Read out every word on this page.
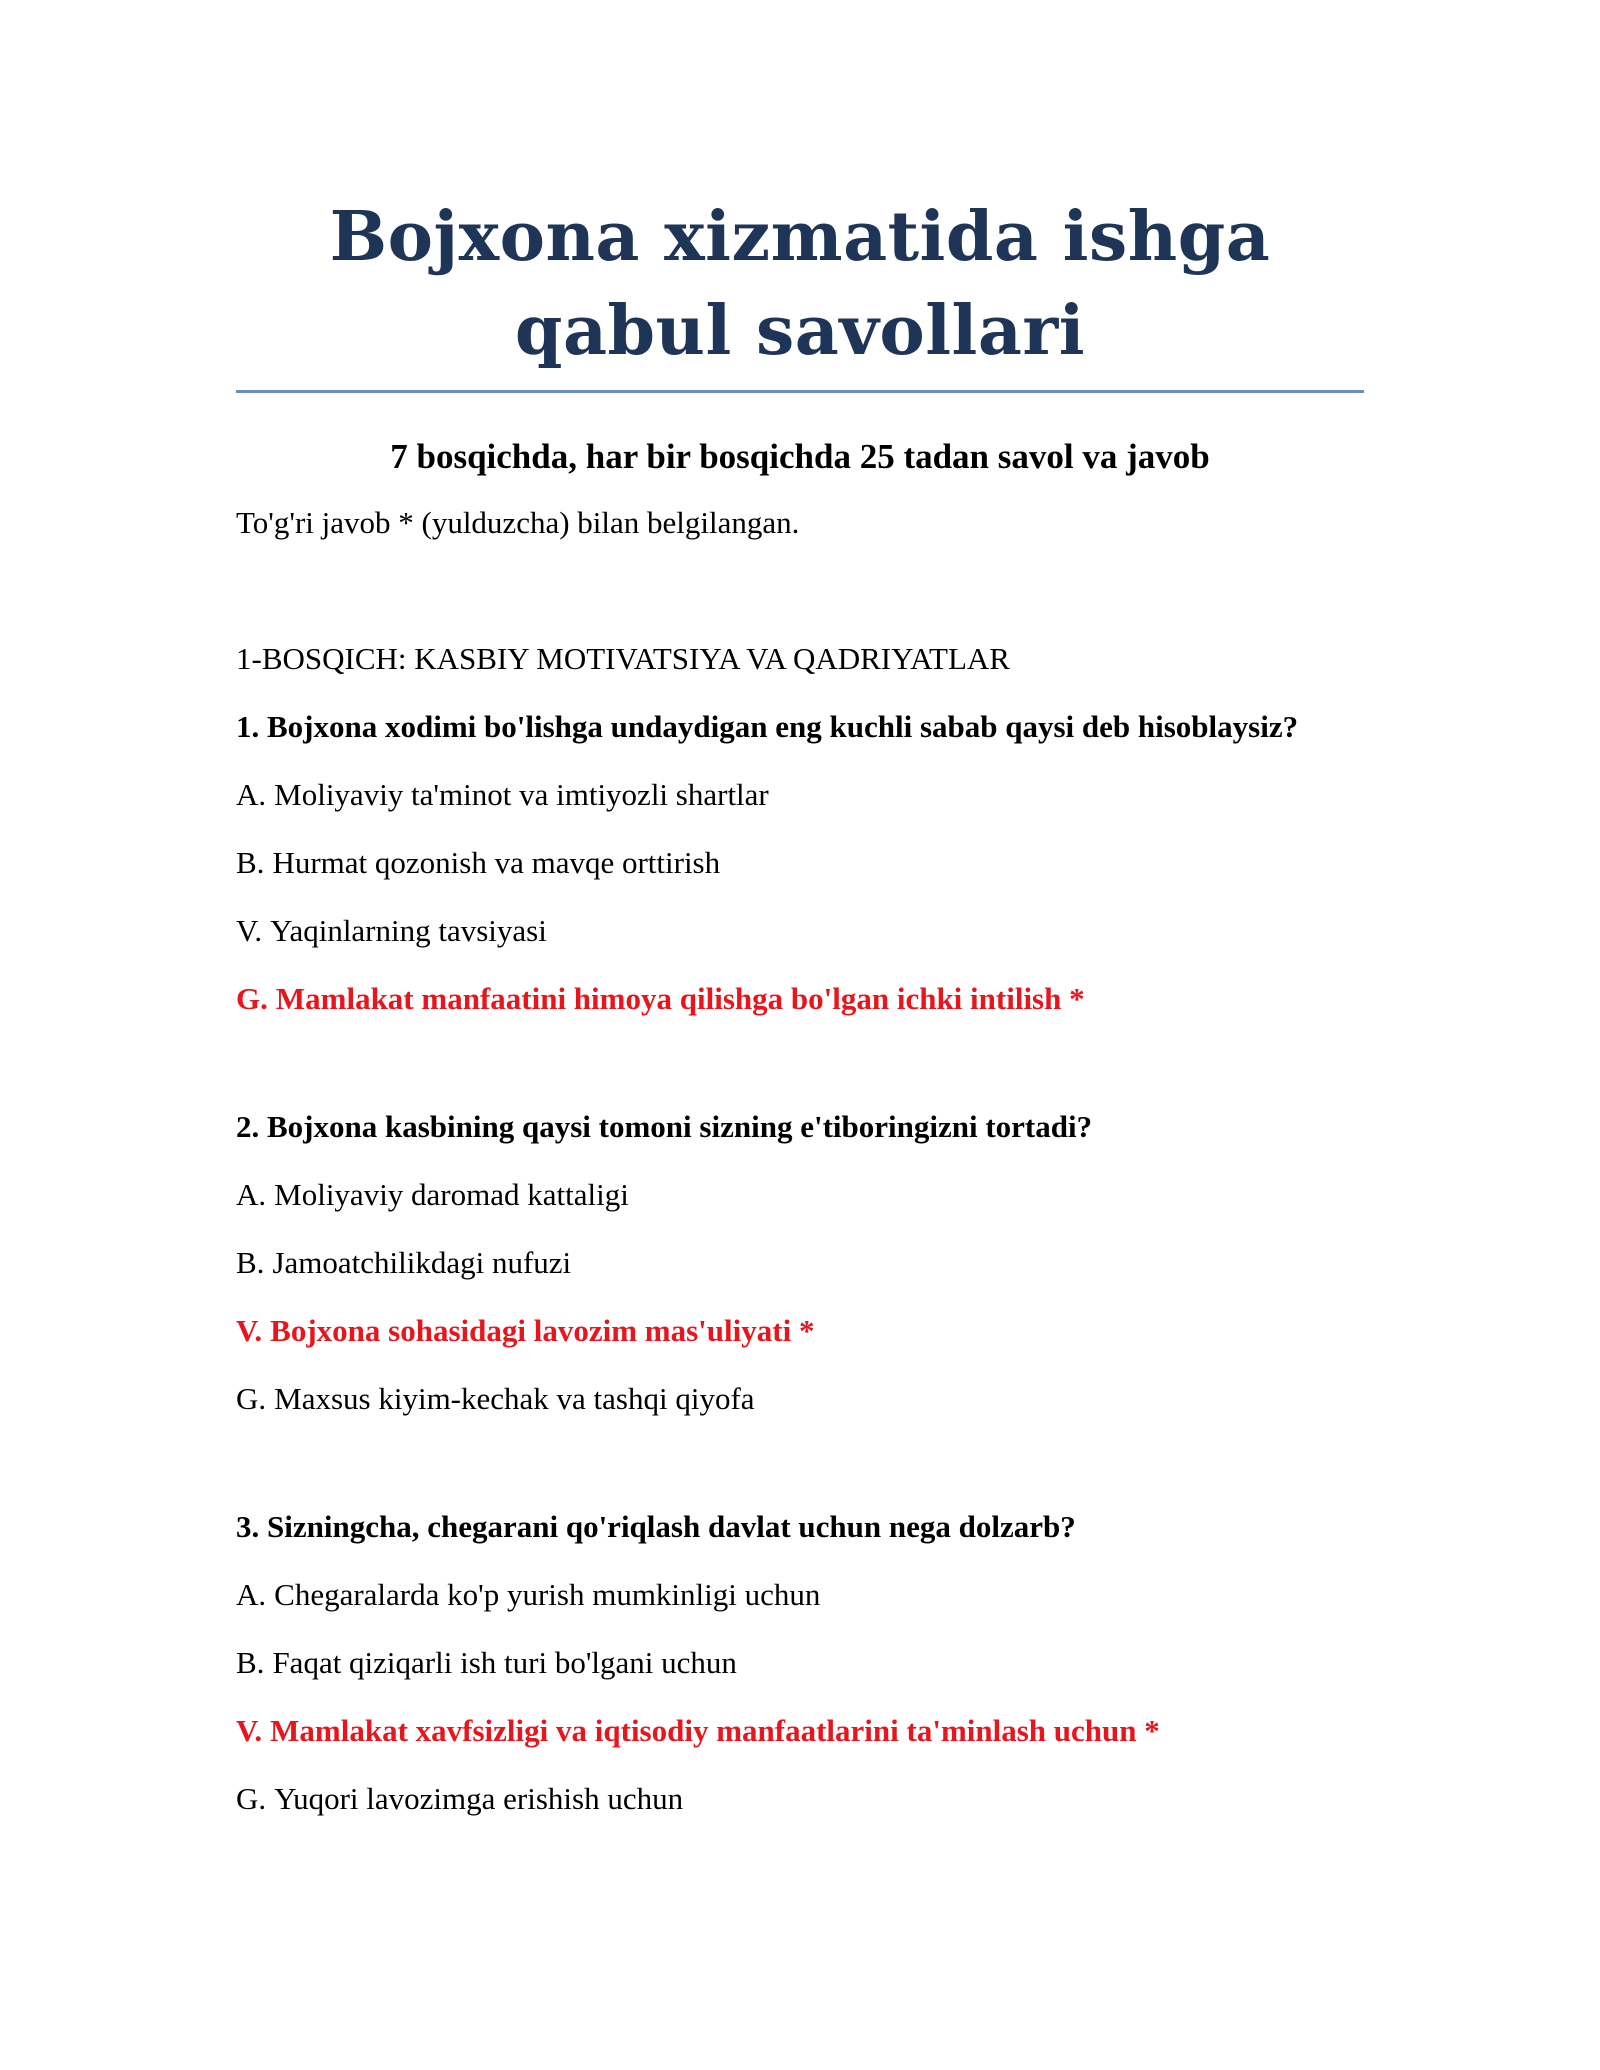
Bojxona xizmatida ishga qabul savollari

7 bosqichda, har bir bosqichda 25 tadan savol va javob

To'g'ri javob * (yulduzcha) bilan belgilangan.

1-BOSQICH: KASBIY MOTIVATSIYA VA QADRIYATLAR

1. Bojxona xodimi bo'lishga undaydigan eng kuchli sabab qaysi deb hisoblaysiz?

A. Moliyaviy ta'minot va imtiyozli shartlar

B. Hurmat qozonish va mavqe orttirish

V. Yaqinlarning tavsiyasi

G. Mamlakat manfaatini himoya qilishga bo'lgan ichki intilish *

2. Bojxona kasbining qaysi tomoni sizning e'tiboringizni tortadi?

A. Moliyaviy daromad kattaligi

B. Jamoatchilikdagi nufuzi

V. Bojxona sohasidagi lavozim mas'uliyati *

G. Maxsus kiyim-kechak va tashqi qiyofa

3. Sizningcha, chegarani qo'riqlash davlat uchun nega dolzarb?

A. Chegaralarda ko'p yurish mumkinligi uchun

B. Faqat qiziqarli ish turi bo'lgani uchun

V. Mamlakat xavfsizligi va iqtisodiy manfaatlarini ta'minlash uchun *

G. Yuqori lavozimga erishish uchun
